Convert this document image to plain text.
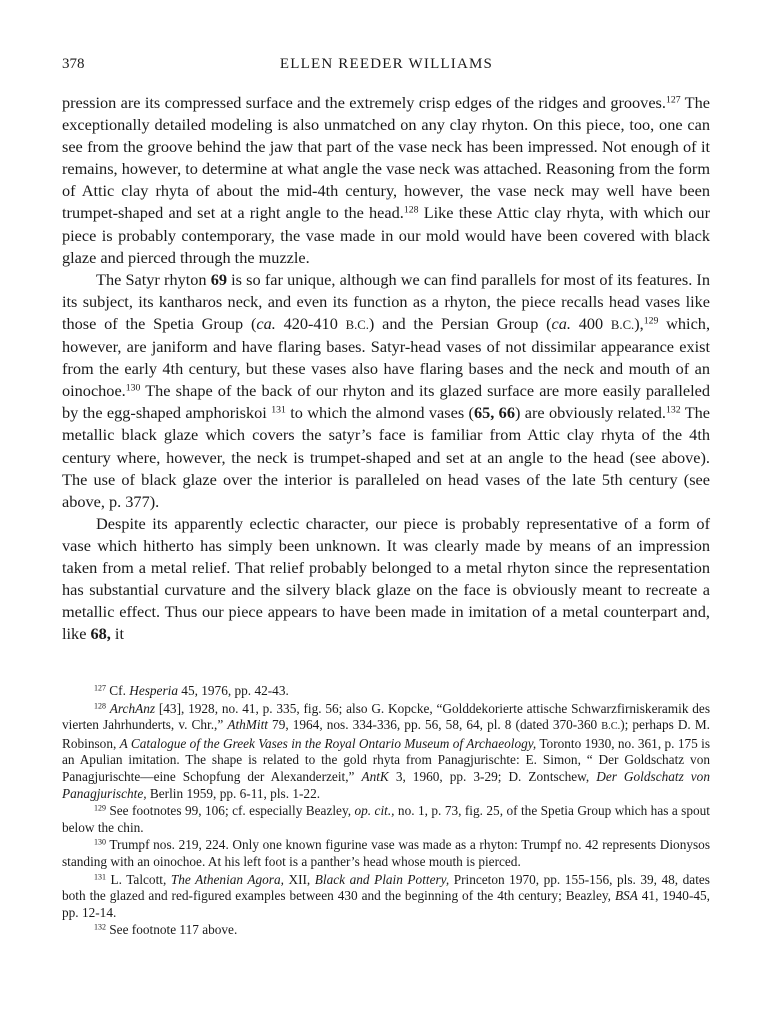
378	ELLEN REEDER WILLIAMS

pression are its compressed surface and the extremely crisp edges of the ridges and grooves.$^{127}$ The exceptionally detailed modeling is also unmatched on any clay rhyton. On this piece, too, one can see from the groove behind the jaw that part of the vase neck has been impressed. Not enough of it remains, however, to determine at what angle the vase neck was attached. Reasoning from the form of Attic clay rhyta of about the mid-4th century, however, the vase neck may well have been trumpet-shaped and set at a right angle to the head.$^{128}$ Like these Attic clay rhyta, with which our piece is probably contemporary, the vase made in our mold would have been covered with black glaze and pierced through the muzzle.

The Satyr rhyton 69 is so far unique, although we can find parallels for most of its features. In its subject, its kantharos neck, and even its function as a rhyton, the piece recalls head vases like those of the Spetia Group (ca. 420-410 B.C.) and the Persian Group (ca. 400 B.C.),$^{129}$ which, however, are janiform and have flaring bases. Satyr-head vases of not dissimilar appearance exist from the early 4th century, but these vases also have flaring bases and the neck and mouth of an oinochoe.$^{130}$ The shape of the back of our rhyton and its glazed surface are more easily paralleled by the egg-shaped amphoriskoi $^{131}$ to which the almond vases (65, 66) are obviously related.$^{132}$ The metallic black glaze which covers the satyr’s face is familiar from Attic clay rhyta of the 4th century where, however, the neck is trumpet-shaped and set at an angle to the head (see above). The use of black glaze over the interior is paralleled on head vases of the late 5th century (see above, p. 377).

Despite its apparently eclectic character, our piece is probably representative of a form of vase which hitherto has simply been unknown. It was clearly made by means of an impression taken from a metal relief. That relief probably belonged to a metal rhyton since the representation has substantial curvature and the silvery black glaze on the face is obviously meant to recreate a metallic effect. Thus our piece appears to have been made in imitation of a metal counterpart and, like 68, it

$^{127}$ Cf. Hesperia 45, 1976, pp. 42-43.

$^{128}$ ArchAnz [43], 1928, no. 41, p. 335, fig. 56; also G. Kopcke, “Golddekorierte attische Schwarzfirniskeramik des vierten Jahrhunderts, v. Chr.,” AthMitt 79, 1964, nos. 334-336, pp. 56, 58, 64, pl. 8 (dated 370-360 B.C.); perhaps D. M. Robinson, A Catalogue of the Greek Vases in the Royal Ontario Museum of Archaeology, Toronto 1930, no. 361, p. 175 is an Apulian imitation. The shape is related to the gold rhyta from Panagjurischte: E. Simon, “ Der Goldschatz von Panagjurischte—eine Schopfung der Alexanderzeit,” AntK 3, 1960, pp. 3-29; D. Zontschew, Der Goldschatz von Panagjurischte, Berlin 1959, pp. 6-11, pls. 1-22.

$^{129}$ See footnotes 99, 106; cf. especially Beazley, op. cit., no. 1, p. 73, fig. 25, of the Spetia Group which has a spout below the chin.

$^{130}$ Trumpf nos. 219, 224. Only one known figurine vase was made as a rhyton: Trumpf no. 42 represents Dionysos standing with an oinochoe. At his left foot is a panther’s head whose mouth is pierced.

$^{131}$ L. Talcott, The Athenian Agora, XII, Black and Plain Pottery, Princeton 1970, pp. 155-156, pls. 39, 48, dates both the glazed and red-figured examples between 430 and the beginning of the 4th century; Beazley, BSA 41, 1940-45, pp. 12-14.

$^{132}$ See footnote 117 above.
